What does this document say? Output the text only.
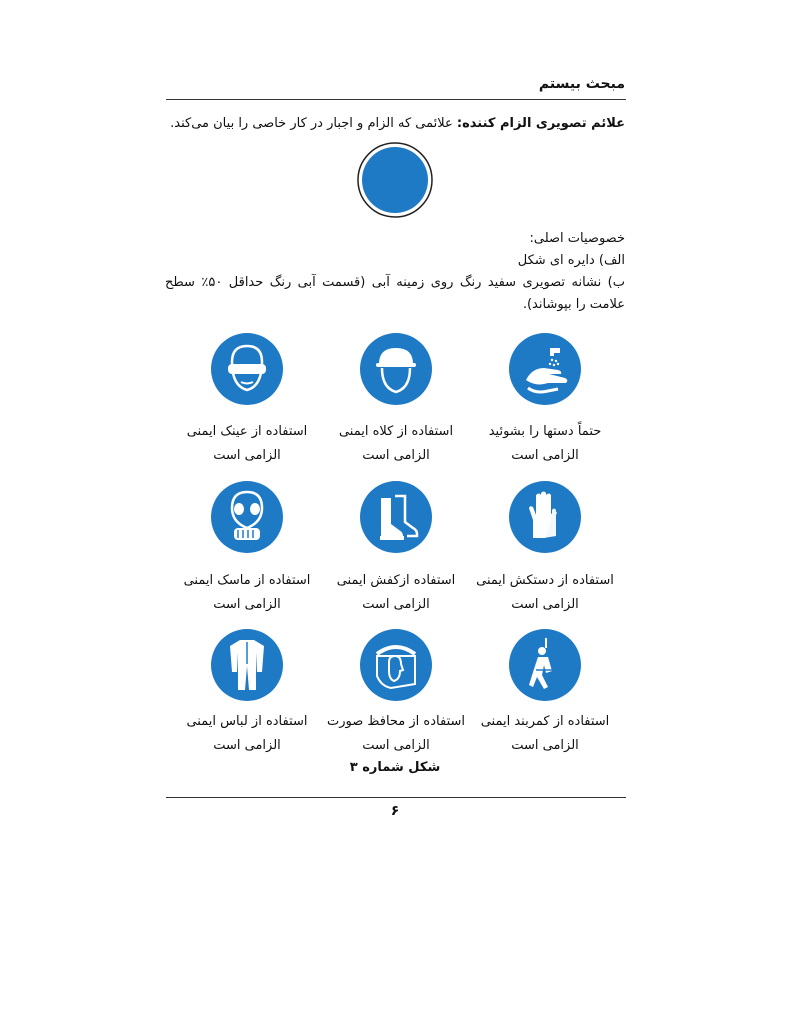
مبحث بیستم
علائم تصویری الزام کننده: علائمی که الزام و اجبار در کار خاصی را بیان می‌کند.

خصوصیات اصلی:

الف) دایره ای شکل

ب) نشانه تصویری سفید رنگ روی زمینه آبی (قسمت آبی رنگ حداقل ۵۰٪ سطح علامت را بپوشاند).

حتماً دستها را بشوئید
الزامی است
استفاده از کلاه ایمنی
الزامی است
استفاده از عینک ایمنی
الزامی است
استفاده از دستکش ایمنی
الزامی است
استفاده ازکفش ایمنی
الزامی است
استفاده از ماسک ایمنی
الزامی است
استفاده از کمربند ایمنی
الزامی است
استفاده از محافظ صورت
الزامی است
استفاده از لباس ایمنی
الزامی است
شکل شماره ۳
۶
